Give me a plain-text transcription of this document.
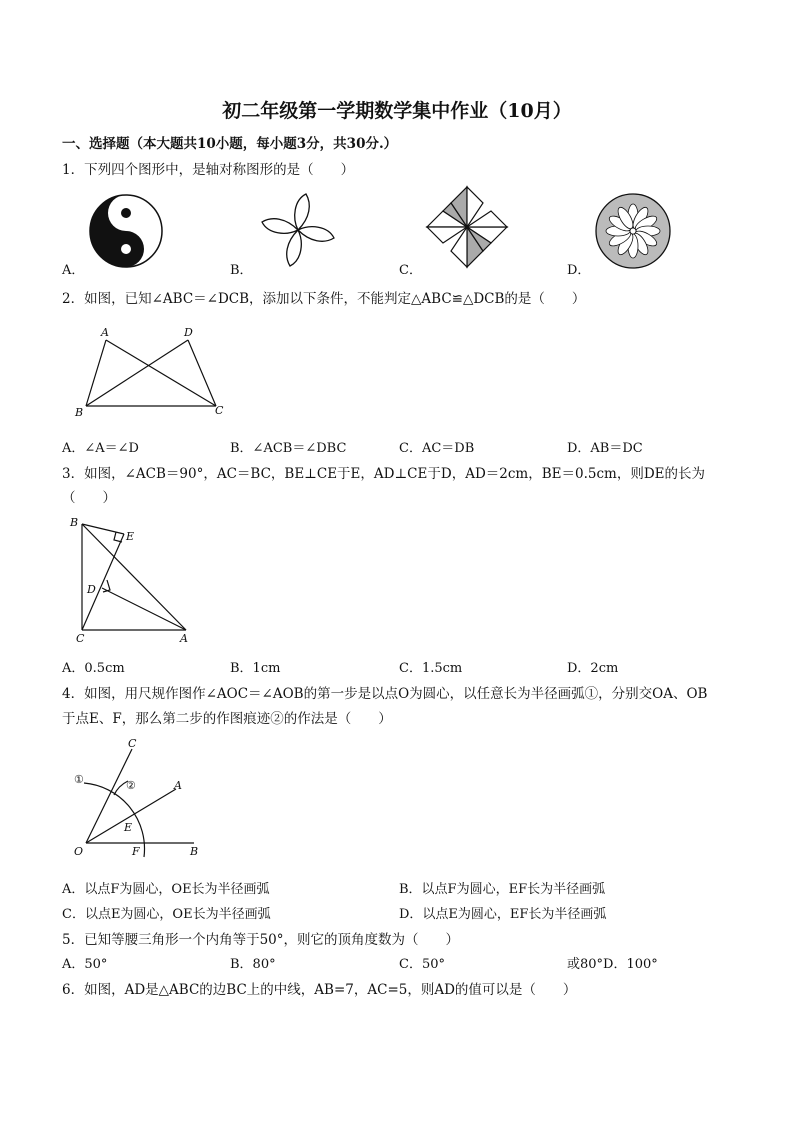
初二年级第一学期数学集中作业（10月）
一、选择题（本大题共10小题，每小题3分，共30分.）
1．下列四个图形中，是轴对称图形的是（　　）
A．	B．	C．	D．
2．如图，已知∠ABC＝∠DCB，添加以下条件，不能判定△ABC≌△DCB的是（　　）
A	D
B	C
A．∠A＝∠D	B．∠ACB＝∠DBC	C．AC＝DB	D．AB＝DC
3．如图，∠ACB＝90°，AC＝BC，BE⊥CE于E，AD⊥CE于D，AD＝2cm，BE＝0.5cm，则DE的长为
（　　）
B
E
D
C	A
A．0.5cm	B．1cm	C．1.5cm	D．2cm
4．如图，用尺规作图作∠AOC＝∠AOB的第一步是以点O为圆心，以任意长为半径画弧①，分别交OA、OB
于点E、F，那么第二步的作图痕迹②的作法是（　　）
C
A
E
O	F	B
①	②
A．以点F为圆心，OE长为半径画弧	B．以点F为圆心，EF长为半径画弧
C．以点E为圆心，OE长为半径画弧	D．以点E为圆心，EF长为半径画弧
5．已知等腰三角形一个内角等于50°，则它的顶角度数为（　　）
A．50°	B．80°	C．50°	或80°D．100°
6．如图，AD是△ABC的边BC上的中线，AB=7，AC=5，则AD的值可以是（　　）
